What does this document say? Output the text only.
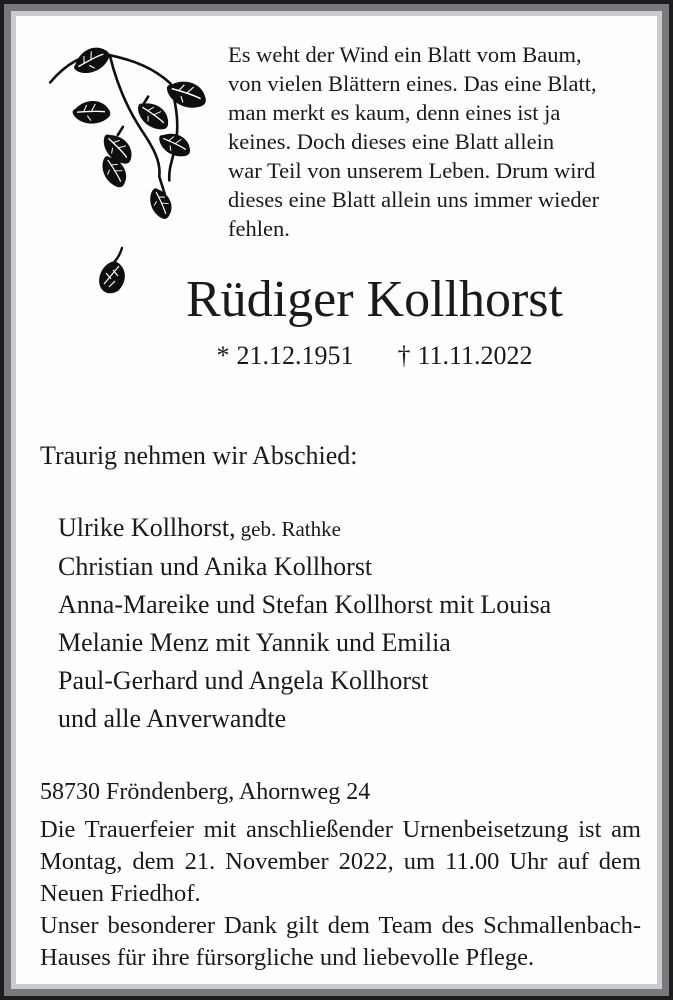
Es weht der Wind ein Blatt vom Baum,
von vielen Blättern eines. Das eine Blatt,
man merkt es kaum, denn eines ist ja
keines. Doch dieses eine Blatt allein
war Teil von unserem Leben. Drum wird
dieses eine Blatt allein uns immer wieder
fehlen.
Rüdiger Kollhorst
* 21.12.1951 † 11.11.2022
Traurig nehmen wir Abschied:
Ulrike Kollhorst, geb. Rathke
Christian und Anika Kollhorst
Anna-Mareike und Stefan Kollhorst mit Louisa
Melanie Menz mit Yannik und Emilia
Paul-Gerhard und Angela Kollhorst
und alle Anverwandte
58730 Fröndenberg, Ahornweg 24

Die Trauerfeier mit anschließender Urnenbeisetzung ist am Montag, dem 21. November 2022, um 11.00 Uhr auf dem Neuen Friedhof.

Unser besonderer Dank gilt dem Team des Schmallenbach-Hauses für ihre fürsorgliche und liebevolle Pflege.
